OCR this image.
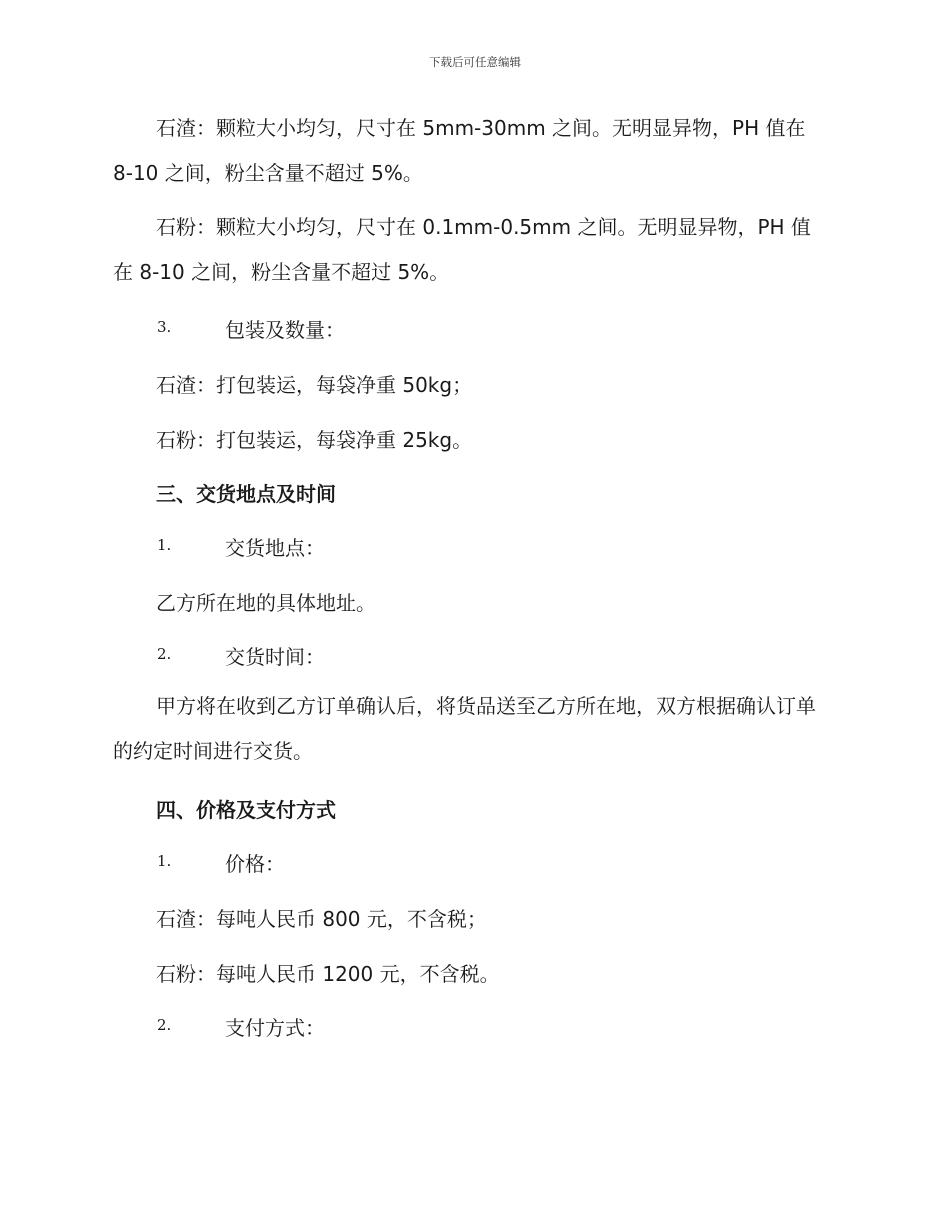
下载后可任意编辑

石渣：颗粒大小均匀，尺寸在 5mm-30mm 之间。无明显异物，PH 值在 8-10 之间，粉尘含量不超过 5%。

石粉：颗粒大小均匀，尺寸在 0.1mm-0.5mm 之间。无明显异物，PH 值在 8-10 之间，粉尘含量不超过 5%。

3.	包装及数量：
石渣：打包装运，每袋净重 50kg；
石粉：打包装运，每袋净重 25kg。
三、交货地点及时间
1.	交货地点：
乙方所在地的具体地址。
2.	交货时间：

甲方将在收到乙方订单确认后，将货品送至乙方所在地，双方根据确认订单的约定时间进行交货。

四、价格及支付方式
1.	价格：
石渣：每吨人民币 800 元，不含税；
石粉：每吨人民币 1200 元，不含税。
2.	支付方式：
